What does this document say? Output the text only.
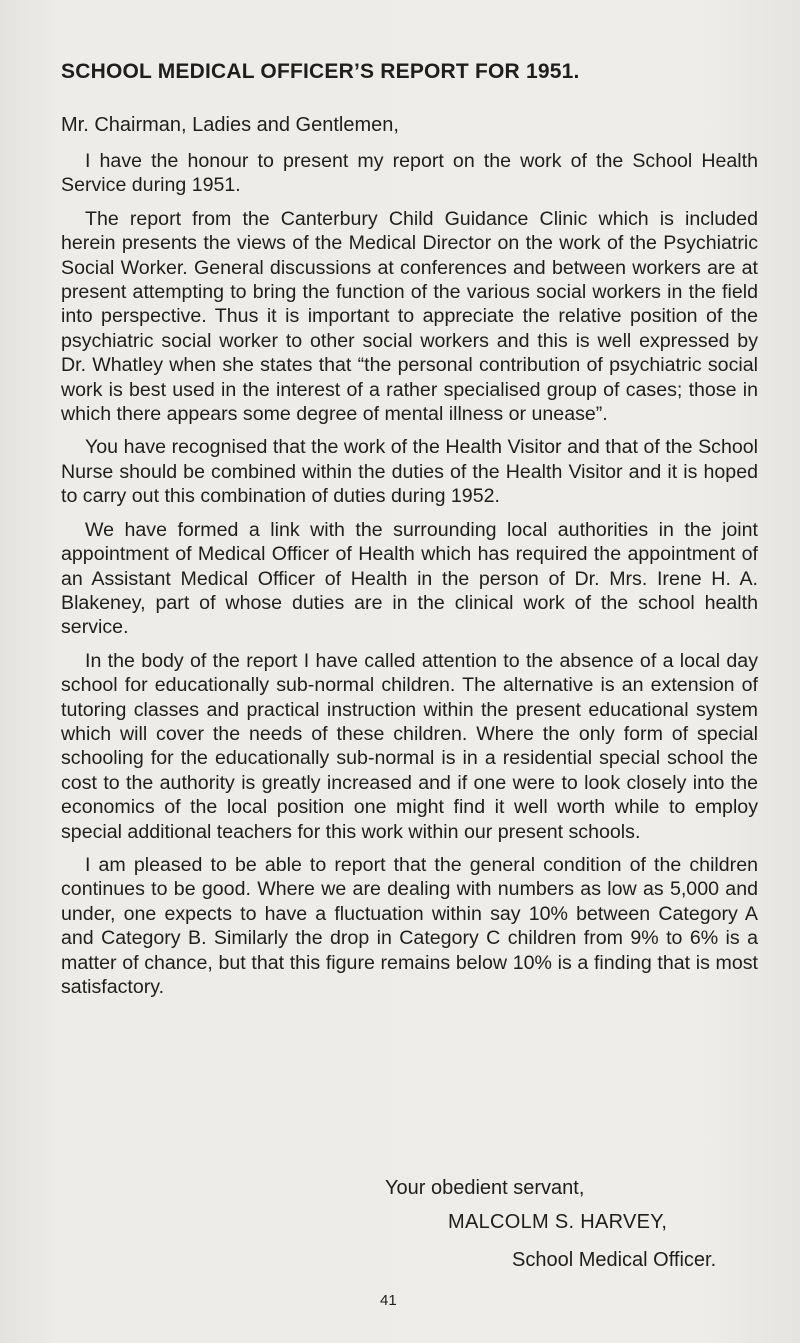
SCHOOL MEDICAL OFFICER’S REPORT FOR 1951.

Mr. Chairman, Ladies and Gentlemen,

I have the honour to present my report on the work of the School Health Service during 1951.

The report from the Canterbury Child Guidance Clinic which is included herein presents the views of the Medical Director on the work of the Psychiatric Social Worker. General discussions at conferences and between workers are at present attempting to bring the function of the various social workers in the field into perspective. Thus it is important to appreciate the relative position of the psychiatric social worker to other social workers and this is well expressed by Dr. Whatley when she states that “the personal contribution of psychiatric social work is best used in the interest of a rather specialised group of cases; those in which there appears some degree of mental illness or unease”.

You have recognised that the work of the Health Visitor and that of the School Nurse should be combined within the duties of the Health Visitor and it is hoped to carry out this combination of duties during 1952.

We have formed a link with the surrounding local authorities in the joint appointment of Medical Officer of Health which has required the appointment of an Assistant Medical Officer of Health in the person of Dr. Mrs. Irene H. A. Blakeney, part of whose duties are in the clinical work of the school health service.

In the body of the report I have called attention to the absence of a local day school for educationally sub-normal children. The alternative is an extension of tutoring classes and practical instruction within the present educational system which will cover the needs of these children. Where the only form of special schooling for the educationally sub-normal is in a residential special school the cost to the authority is greatly increased and if one were to look closely into the economics of the local position one might find it well worth while to employ special additional teachers for this work within our present schools.

I am pleased to be able to report that the general condition of the children continues to be good. Where we are dealing with numbers as low as 5,000 and under, one expects to have a fluctuation within say 10% between Category A and Category B. Similarly the drop in Category C children from 9% to 6% is a matter of chance, but that this figure remains below 10% is a finding that is most satisfactory.

Your obedient servant,

MALCOLM S. HARVEY,

School Medical Officer.

41
